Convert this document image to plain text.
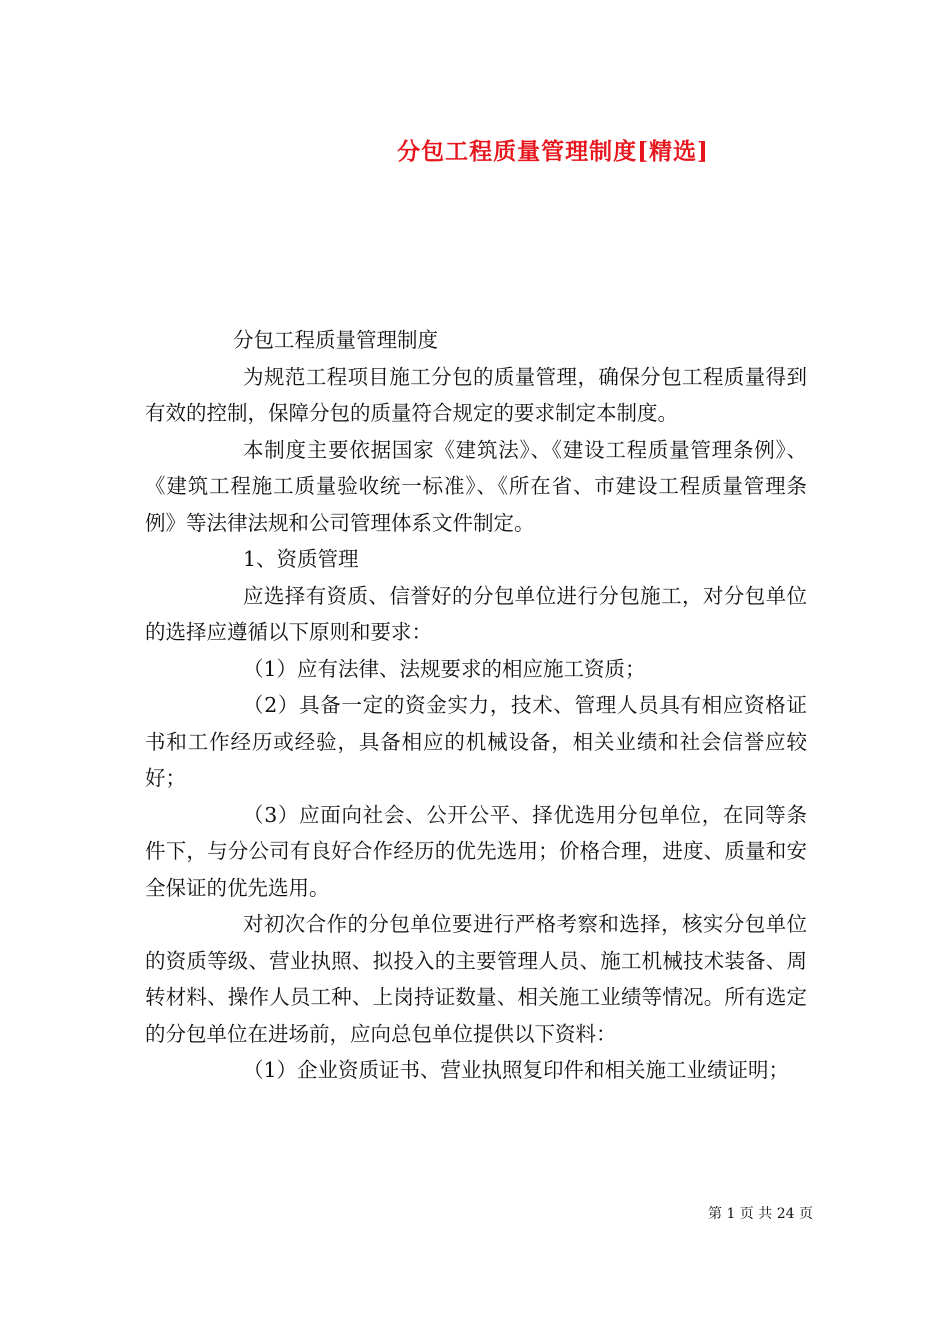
分包工程质量管理制度[精选]

分包工程质量管理制度

为规范工程项目施工分包的质量管理，确保分包工程质量得到有效的控制，保障分包的质量符合规定的要求制定本制度。

本制度主要依据国家《建筑法》、《建设工程质量管理条例》、《建筑工程施工质量验收统一标准》、《所在省、市建设工程质量管理条例》等法律法规和公司管理体系文件制定。

1、资质管理

应选择有资质、信誉好的分包单位进行分包施工，对分包单位的选择应遵循以下原则和要求：

（1）应有法律、法规要求的相应施工资质；

（2）具备一定的资金实力，技术、管理人员具有相应资格证书和工作经历或经验，具备相应的机械设备，相关业绩和社会信誉应较好；

（3）应面向社会、公开公平、择优选用分包单位，在同等条件下，与分公司有良好合作经历的优先选用；价格合理，进度、质量和安全保证的优先选用。

对初次合作的分包单位要进行严格考察和选择，核实分包单位的资质等级、营业执照、拟投入的主要管理人员、施工机械技术装备、周转材料、操作人员工种、上岗持证数量、相关施工业绩等情况。所有选定的分包单位在进场前，应向总包单位提供以下资料：

（1）企业资质证书、营业执照复印件和相关施工业绩证明；

第 1 页 共 24 页
